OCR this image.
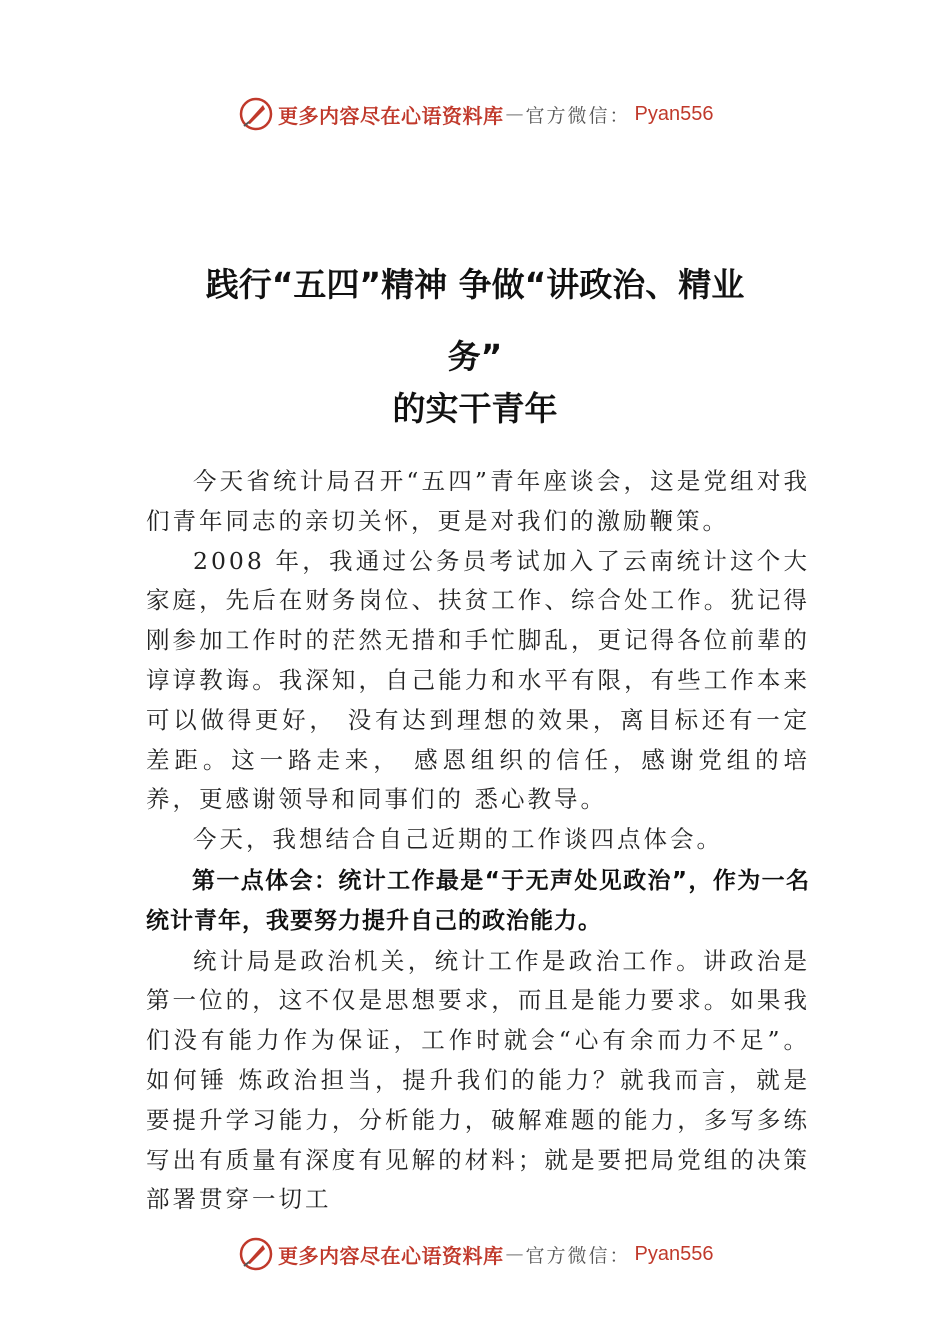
更多内容尽在心语资料库 — 官方微信： Pyan556
践行“五四”精神 争做“讲政治、精业
务”
的实干青年

今天省统计局召开“五四”青年座谈会，这是党组对我们青年同志的亲切关怀，更是对我们的激励鞭策。

2008 年，我通过公务员考试加入了云南统计这个大家庭，先后在财务岗位、扶贫工作、综合处工作。犹记得刚参加工作时的茫然无措和手忙脚乱，更记得各位前辈的谆谆教诲。我深知，自己能力和水平有限，有些工作本来可以做得更好， 没有达到理想的效果，离目标还有一定差距。这一路走来， 感恩组织的信任，感谢党组的培养，更感谢领导和同事们的 悉心教导。

今天，我想结合自己近期的工作谈四点体会。

第一点体会：统计工作最是“于无声处见政治”，作为一名统计青年，我要努力提升自己的政治能力。

统计局是政治机关，统计工作是政治工作。讲政治是第一位的，这不仅是思想要求，而且是能力要求。如果我们没有能力作为保证，工作时就会“心有余而力不足”。如何锤 炼政治担当，提升我们的能力？就我而言，就是要提升学习能力，分析能力，破解难题的能力，多写多练写出有质量有深度有见解的材料；就是要把局党组的决策部署贯穿一切工

更多内容尽在心语资料库 — 官方微信： Pyan556
